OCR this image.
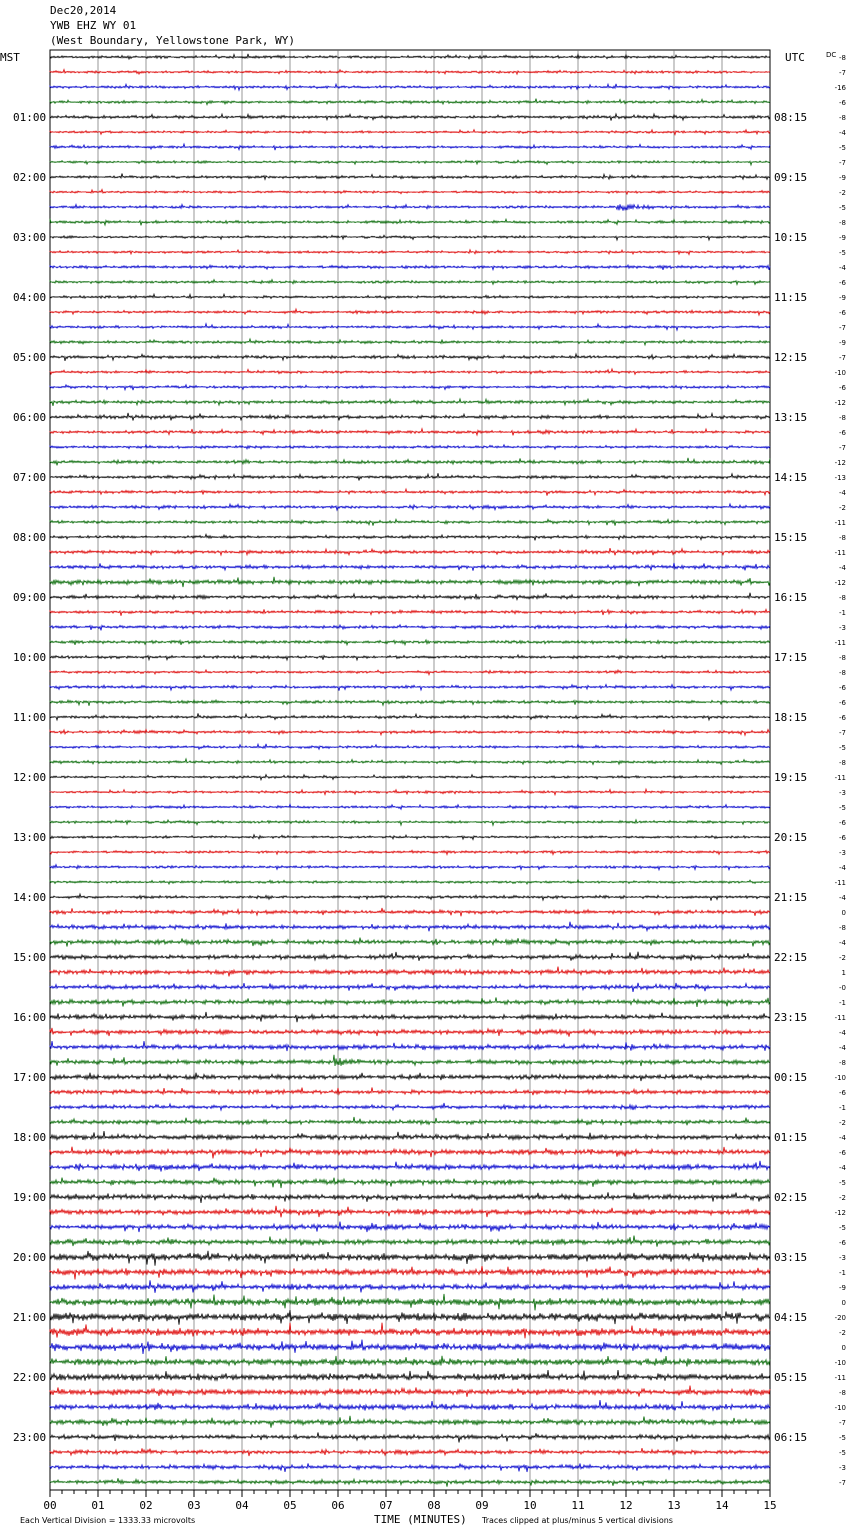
Dec20,2014
YWB EHZ WY 01
(West Boundary, Yellowstone Park, WY)
01:00
02:00
03:00
04:00
05:00
06:00
07:00
08:00
09:00
10:00
11:00
12:00
13:00
14:00
15:00
16:00
17:00
18:00
19:00
20:00
21:00
22:00
23:00
08:15
09:15
10:15
11:15
12:15
13:15
14:15
15:15
16:15
17:15
18:15
19:15
20:15
21:15
22:15
23:15
00:15
01:15
02:15
03:15
04:15
05:15
06:15
-8
-7
-16
-6
-8
-4
-5
-7
-9
-2
-5
-8
-9
-5
-4
-6
-9
-6
-7
-9
-7
-10
-6
-12
-8
-6
-7
-12
-13
-4
-2
-11
-8
-11
-4
-12
-8
-1
-3
-11
-8
-8
-6
-6
-6
-7
-5
-8
-11
-3
-5
-6
-6
-3
-4
-11
-4
0
-8
-4
-2
1
-0
-1
-11
-4
-4
-8
-10
-6
-1
-2
-4
-6
-4
-5
-2
-12
-5
-6
-3
-1
-9
0
-20
-2
0
-10
-11
-8
-10
-7
-5
-5
-3
-7
00	01	02	03	04	05	06	07	08	09	10	11	12	13	14	15
MST	UTC	DC
TIME (MINUTES)
Each Vertical Division = 1333.33 microvolts	Traces clipped at plus/minus 5 vertical divisions
